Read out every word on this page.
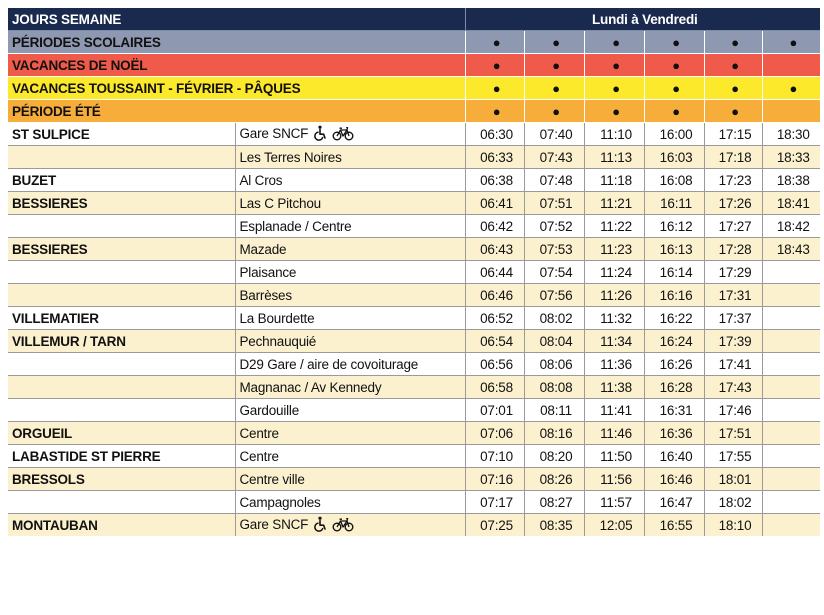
JOURS SEMAINE		Lundi à Vendredi					
PÉRIODES SCOLAIRES		●	●	●	●	●	●
VACANCES DE NOËL		●	●	●	●	●	
VACANCES TOUSSAINT - FÉVRIER - PÂQUES		●	●	●	●	●	●
PÉRIODE ÉTÉ		●	●	●	●	●	
ST SULPICE	Gare SNCF	06:30	07:40	11:10	16:00	17:15	18:30
	Les Terres Noires	06:33	07:43	11:13	16:03	17:18	18:33
BUZET	Al Cros	06:38	07:48	11:18	16:08	17:23	18:38
BESSIERES	Las C Pitchou	06:41	07:51	11:21	16:11	17:26	18:41
	Esplanade / Centre	06:42	07:52	11:22	16:12	17:27	18:42
BESSIERES	Mazade	06:43	07:53	11:23	16:13	17:28	18:43
	Plaisance	06:44	07:54	11:24	16:14	17:29	
	Barrèses	06:46	07:56	11:26	16:16	17:31	
VILLEMATIER	La Bourdette	06:52	08:02	11:32	16:22	17:37	
VILLEMUR / TARN	Pechnauquié	06:54	08:04	11:34	16:24	17:39	
	D29 Gare / aire de covoiturage	06:56	08:06	11:36	16:26	17:41	
	Magnanac / Av Kennedy	06:58	08:08	11:38	16:28	17:43	
	Gardouille	07:01	08:11	11:41	16:31	17:46	
ORGUEIL	Centre	07:06	08:16	11:46	16:36	17:51	
LABASTIDE ST PIERRE	Centre	07:10	08:20	11:50	16:40	17:55	
BRESSOLS	Centre ville	07:16	08:26	11:56	16:46	18:01	
	Campagnoles	07:17	08:27	11:57	16:47	18:02	
MONTAUBAN	Gare SNCF	07:25	08:35	12:05	16:55	18:10	
